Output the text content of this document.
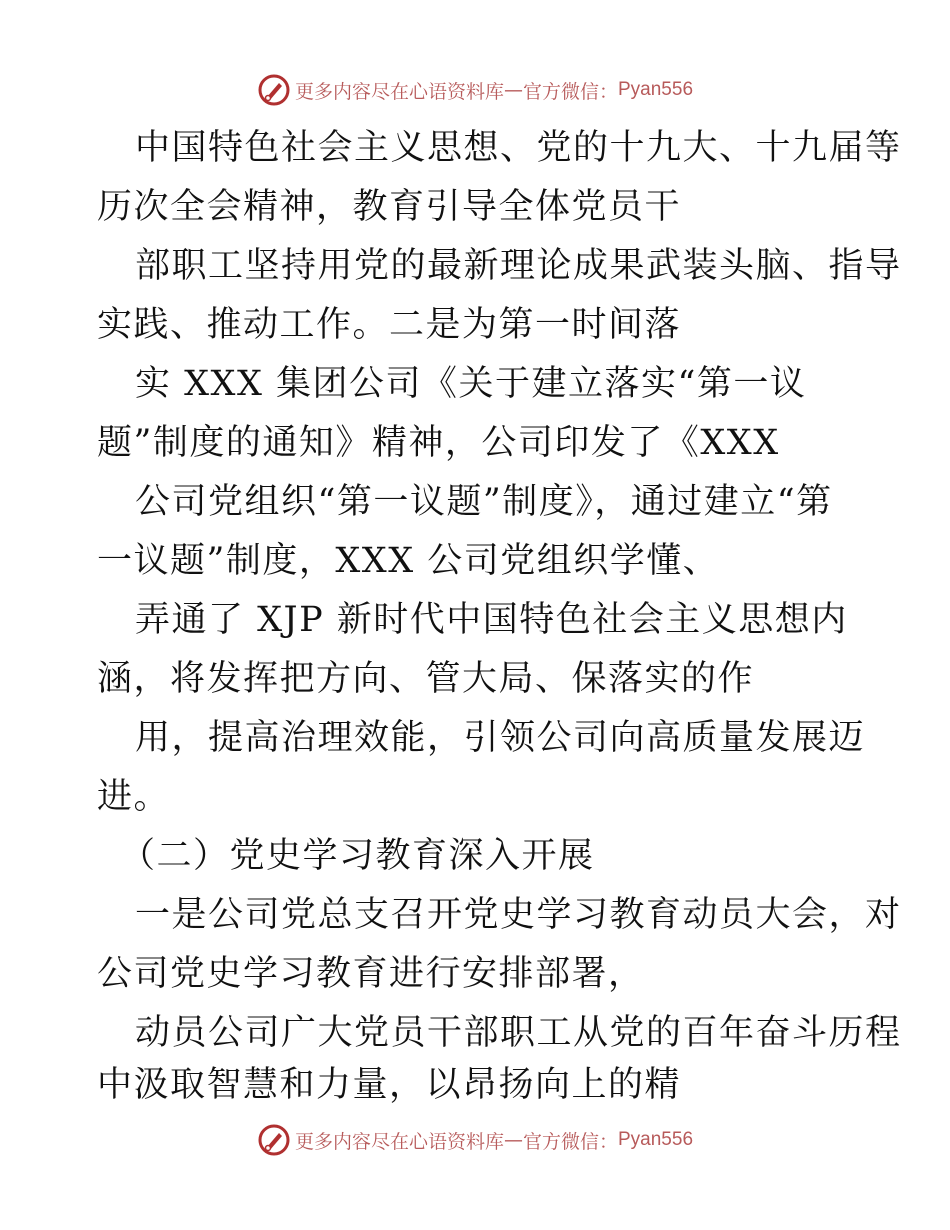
更多内容尽在心语资料库 — 官方微信： Pyan556
中国特色社会主义思想、党的十九大、十九届等
历次全会精神，教育引导全体党员干
部职工坚持用党的最新理论成果武装头脑、指导
实践、推动工作。二是为第一时间落
实 XXX 集团公司《关于建立落实“第一议
题”制度的通知》精神，公司印发了《XXX
公司党组织“第一议题”制度》，通过建立“第
一议题”制度，XXX 公司党组织学懂、
弄通了 XJP 新时代中国特色社会主义思想内
涵，将发挥把方向、管大局、保落实的作
用，提高治理效能，引领公司向高质量发展迈
进。
（二）党史学习教育深入开展
一是公司党总支召开党史学习教育动员大会，对
公司党史学习教育进行安排部署，
动员公司广大党员干部职工从党的百年奋斗历程
中汲取智慧和力量，以昂扬向上的精
更多内容尽在心语资料库 — 官方微信： Pyan556
